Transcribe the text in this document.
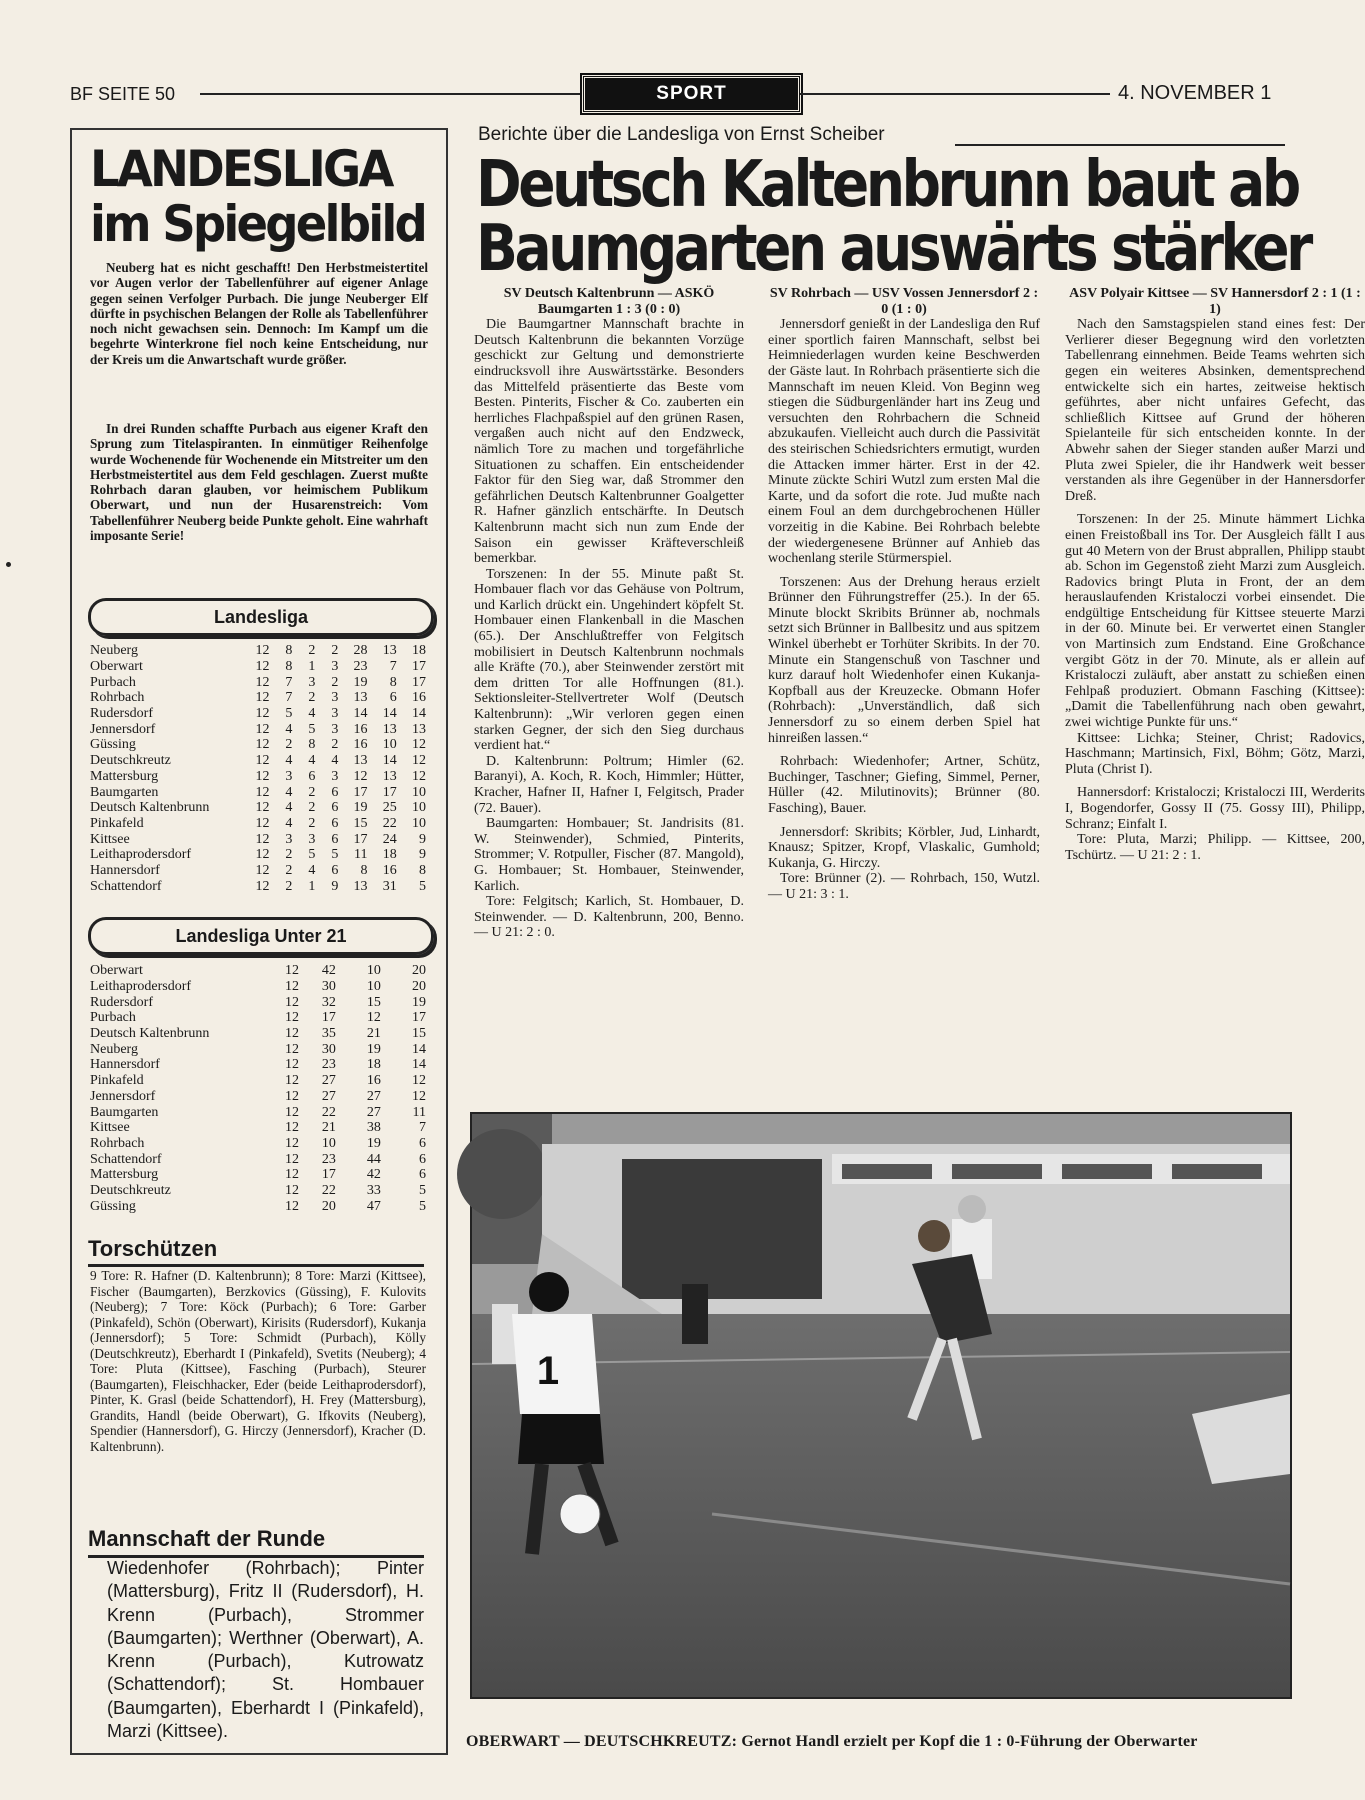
BF SEITE 50	SPORT	4. NOVEMBER 1
LANDESLIGA
im Spiegelbild

Neuberg hat es nicht geschafft! Den Herbstmeistertitel vor Augen verlor der Tabellenführer auf eigener Anlage gegen seinen Verfolger Purbach. Die junge Neuberger Elf dürfte in psychischen Belangen der Rolle als Tabellenführer noch nicht gewachsen sein. Dennoch: Im Kampf um die begehrte Winterkrone fiel noch keine Entscheidung, nur der Kreis um die Anwartschaft wurde größer.

In drei Runden schaffte Purbach aus eigener Kraft den Sprung zum Titelaspiranten. In einmütiger Reihenfolge wurde Wochenende für Wochenende ein Mitstreiter um den Herbstmeistertitel aus dem Feld geschlagen. Zuerst mußte Rohrbach daran glauben, vor heimischem Publikum Oberwart, und nun der Husarenstreich: Vom Tabellenführer Neuberg beide Punkte geholt. Eine wahrhaft imposante Serie!

Landesliga
Neuberg	12	8	2	2	28	13	18
Oberwart	12	8	1	3	23	7	17
Purbach	12	7	3	2	19	8	17
Rohrbach	12	7	2	3	13	6	16
Rudersdorf	12	5	4	3	14	14	14
Jennersdorf	12	4	5	3	16	13	13
Güssing	12	2	8	2	16	10	12
Deutschkreutz	12	4	4	4	13	14	12
Mattersburg	12	3	6	3	12	13	12
Baumgarten	12	4	2	6	17	17	10
Deutsch Kaltenbrunn	12	4	2	6	19	25	10
Pinkafeld	12	4	2	6	15	22	10
Kittsee	12	3	3	6	17	24	9
Leithaprodersdorf	12	2	5	5	11	18	9
Hannersdorf	12	2	4	6	8	16	8
Schattendorf	12	2	1	9	13	31	5
Landesliga Unter 21
Oberwart	12	42	10	20
Leithaprodersdorf	12	30	10	20
Rudersdorf	12	32	15	19
Purbach	12	17	12	17
Deutsch Kaltenbrunn	12	35	21	15
Neuberg	12	30	19	14
Hannersdorf	12	23	18	14
Pinkafeld	12	27	16	12
Jennersdorf	12	27	27	12
Baumgarten	12	22	27	11
Kittsee	12	21	38	7
Rohrbach	12	10	19	6
Schattendorf	12	23	44	6
Mattersburg	12	17	42	6
Deutschkreutz	12	22	33	5
Güssing	12	20	47	5
Torschützen

9 Tore: R. Hafner (D. Kaltenbrunn); 8 Tore: Marzi (Kittsee), Fischer (Baumgarten), Berzkovics (Güssing), F. Kulovits (Neuberg); 7 Tore: Köck (Purbach); 6 Tore: Garber (Pinkafeld), Schön (Oberwart), Kirisits (Rudersdorf), Kukanja (Jennersdorf); 5 Tore: Schmidt (Purbach), Kölly (Deutschkreutz), Eberhardt I (Pinkafeld), Svetits (Neuberg); 4 Tore: Pluta (Kittsee), Fasching (Purbach), Steurer (Baumgarten), Fleischhacker, Eder (beide Leithaprodersdorf), Pinter, K. Grasl (beide Schattendorf), H. Frey (Mattersburg), Grandits, Handl (beide Oberwart), G. Ifkovits (Neuberg), Spendier (Hannersdorf), G. Hirczy (Jennersdorf), Kracher (D. Kaltenbrunn).

Mannschaft der Runde

Wiedenhofer (Rohrbach); Pinter (Mattersburg), Fritz II (Rudersdorf), H. Krenn (Purbach), Strommer (Baumgarten); Werthner (Oberwart), A. Krenn (Purbach), Kutrowatz (Schattendorf); St. Hombauer (Baumgarten), Eberhardt I (Pinkafeld), Marzi (Kittsee).

Berichte über die Landesliga von Ernst Scheiber
Deutsch Kaltenbrunn baut ab
Baumgarten auswärts stärker
SV Deutsch Kaltenbrunn — ASKÖ Baumgarten 1 : 3 (0 : 0)

Die Baumgartner Mannschaft brachte in Deutsch Kaltenbrunn die bekannten Vorzüge geschickt zur Geltung und demonstrierte eindrucksvoll ihre Auswärtsstärke. Besonders das Mittelfeld präsentierte das Beste vom Besten. Pinterits, Fischer & Co. zauberten ein herrliches Flachpaßspiel auf den grünen Rasen, vergaßen auch nicht auf den Endzweck, nämlich Tore zu machen und torgefährliche Situationen zu schaffen. Ein entscheidender Faktor für den Sieg war, daß Strommer den gefährlichen Deutsch Kaltenbrunner Goalgetter R. Hafner gänzlich entschärfte. In Deutsch Kaltenbrunn macht sich nun zum Ende der Saison ein gewisser Kräfteverschleiß bemerkbar.

Torszenen: In der 55. Minute paßt St. Hombauer flach vor das Gehäuse von Poltrum, und Karlich drückt ein. Ungehindert köpfelt St. Hombauer einen Flankenball in die Maschen (65.). Der Anschlußtreffer von Felgitsch mobilisiert in Deutsch Kaltenbrunn nochmals alle Kräfte (70.), aber Steinwender zerstört mit dem dritten Tor alle Hoffnungen (81.). Sektionsleiter-Stellvertreter Wolf (Deutsch Kaltenbrunn): „Wir verloren gegen einen starken Gegner, der sich den Sieg durchaus verdient hat.“

D. Kaltenbrunn: Poltrum; Himler (62. Baranyi), A. Koch, R. Koch, Himmler; Hütter, Kracher, Hafner II, Hafner I, Felgitsch, Prader (72. Bauer).

Baumgarten: Hombauer; St. Jandrisits (81. W. Steinwender), Schmied, Pinterits, Strommer; V. Rotpuller, Fischer (87. Mangold), G. Hombauer; St. Hombauer, Steinwender, Karlich.

Tore: Felgitsch; Karlich, St. Hombauer, D. Steinwender. — D. Kaltenbrunn, 200, Benno. — U 21: 2 : 0.

SV Rohrbach — USV Vossen Jennersdorf 2 : 0 (1 : 0)

Jennersdorf genießt in der Landesliga den Ruf einer sportlich fairen Mannschaft, selbst bei Heimniederlagen wurden keine Beschwerden der Gäste laut. In Rohrbach präsentierte sich die Mannschaft im neuen Kleid. Von Beginn weg stiegen die Südburgenländer hart ins Zeug und versuchten den Rohrbachern die Schneid abzukaufen. Vielleicht auch durch die Passivität des steirischen Schiedsrichters ermutigt, wurden die Attacken immer härter. Erst in der 42. Minute zückte Schiri Wutzl zum ersten Mal die Karte, und da sofort die rote. Jud mußte nach einem Foul an dem durchgebrochenen Hüller vorzeitig in die Kabine. Bei Rohrbach belebte der wiedergenesene Brünner auf Anhieb das wochenlang sterile Stürmerspiel.

Torszenen: Aus der Drehung heraus erzielt Brünner den Führungstreffer (25.). In der 65. Minute blockt Skribits Brünner ab, nochmals setzt sich Brünner in Ballbesitz und aus spitzem Winkel überhebt er Torhüter Skribits. In der 70. Minute ein Stangenschuß von Taschner und kurz darauf holt Wiedenhofer einen Kukanja-Kopfball aus der Kreuzecke. Obmann Hofer (Rohrbach): „Unverständlich, daß sich Jennersdorf zu so einem derben Spiel hat hinreißen lassen.“

Rohrbach: Wiedenhofer; Artner, Schütz, Buchinger, Taschner; Giefing, Simmel, Perner, Hüller (42. Milutinovits); Brünner (80. Fasching), Bauer.

Jennersdorf: Skribits; Körbler, Jud, Linhardt, Knausz; Spitzer, Kropf, Vlaskalic, Gumhold; Kukanja, G. Hirczy.

Tore: Brünner (2). — Rohrbach, 150, Wutzl. — U 21: 3 : 1.

ASV Polyair Kittsee — SV Hannersdorf 2 : 1 (1 : 1)

Nach den Samstagspielen stand eines fest: Der Verlierer dieser Begegnung wird den vorletzten Tabellenrang einnehmen. Beide Teams wehrten sich gegen ein weiteres Absinken, dementsprechend entwickelte sich ein hartes, zeitweise hektisch geführtes, aber nicht unfaires Gefecht, das schließlich Kittsee auf Grund der höheren Spielanteile für sich entscheiden konnte. In der Abwehr sahen der Sieger standen außer Marzi und Pluta zwei Spieler, die ihr Handwerk weit besser verstanden als ihre Gegenüber in der Hannersdorfer Dreß.

Torszenen: In der 25. Minute hämmert Lichka einen Freistoßball ins Tor. Der Ausgleich fällt I aus gut 40 Metern von der Brust abprallen, Philipp staubt ab. Schon im Gegenstoß zieht Marzi zum Ausgleich. Radovics bringt Pluta in Front, der an dem herauslaufenden Kristaloczi vorbei einsendet. Die endgültige Entscheidung für Kittsee steuerte Marzi in der 60. Minute bei. Er verwertet einen Stangler von Martinsich zum Endstand. Eine Großchance vergibt Götz in der 70. Minute, als er allein auf Kristaloczi zuläuft, aber anstatt zu schießen einen Fehlpaß produziert. Obmann Fasching (Kittsee): „Damit die Tabellenführung nach oben gewahrt, zwei wichtige Punkte für uns.“

Kittsee: Lichka; Steiner, Christ; Radovics, Haschmann; Martinsich, Fixl, Böhm; Götz, Marzi, Pluta (Christ I).

Hannersdorf: Kristaloczi; Kristaloczi III, Werderits I, Bogendorfer, Gossy II (75. Gossy III), Philipp, Schranz; Einfalt I.

Tore: Pluta, Marzi; Philipp. — Kittsee, 200, Tschürtz. — U 21: 2 : 1.

1
OBERWART — DEUTSCHKREUTZ: Gernot Handl erzielt per Kopf die 1 : 0-Führung der Oberwarter
